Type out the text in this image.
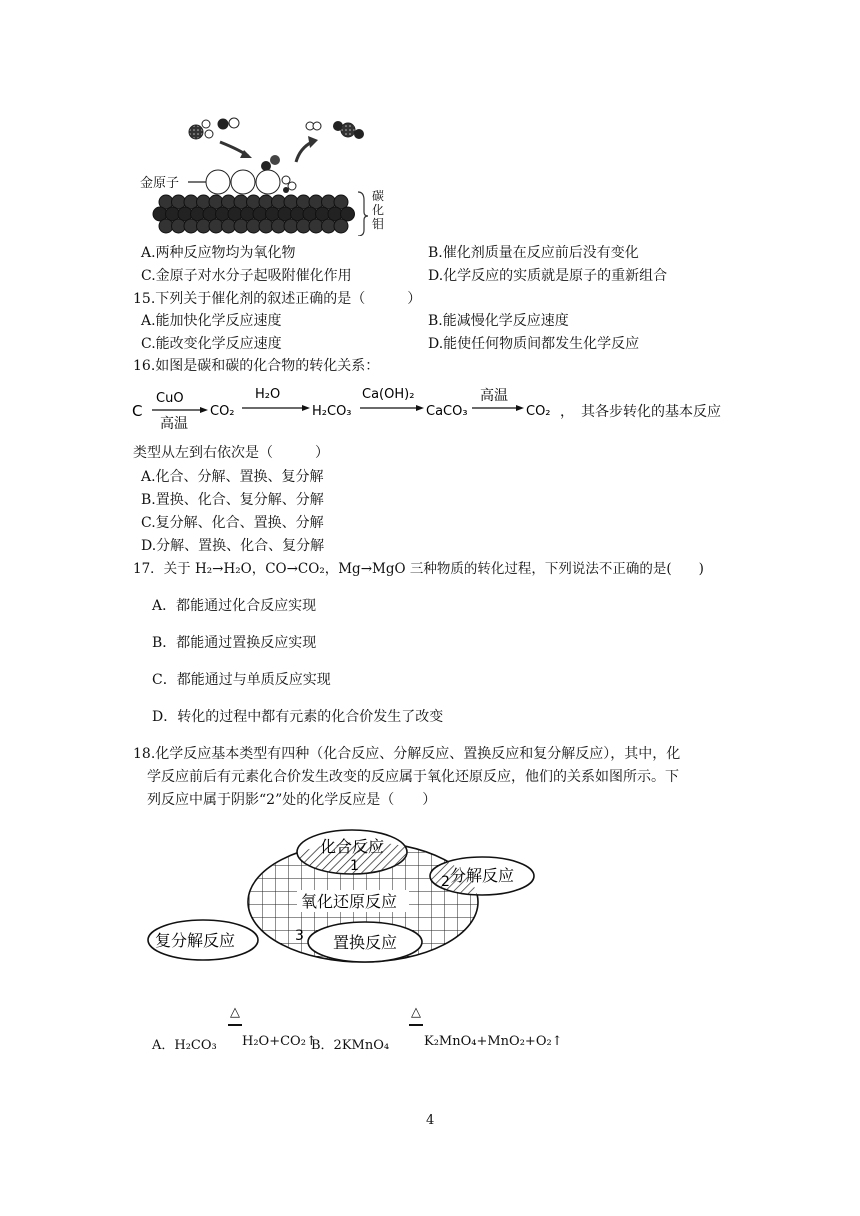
金原子
碳 化 钼
A.两种反应物均为氧化物	B.催化剂质量在反应前后没有变化
C.金原子对水分子起吸附催化作用	D.化学反应的实质就是原子的重新组合
15.下列关于催化剂的叙述正确的是（　　　）
A.能加快化学反应速度	B.能减慢化学反应速度
C.能改变化学反应速度	D.能使任何物质间都发生化学反应
16.如图是碳和碳的化合物的转化关系：
C
CuO
高温
CO₂
H₂O
H₂CO₃
Ca(OH)₂
CaCO₃
高温
CO₂ ，　其各步转化的基本反应
类型从左到右依次是（　　　）
A.化合、分解、置换、复分解
B.置换、化合、复分解、分解
C.复分解、化合、置换、分解
D.分解、置换、化合、复分解
17．关于 H₂→H₂O，CO→CO₂，Mg→MgO 三种物质的转化过程，下列说法不正确的是(　　)
A．都能通过化合反应实现
B．都能通过置换反应实现
C．都能通过与单质反应实现
D．转化的过程中都有元素的化合价发生了改变
18.化学反应基本类型有四种（化合反应、分解反应、置换反应和复分解反应），其中，化
学反应前后有元素化合价发生改变的反应属于氧化还原反应，他们的关系如图所示。下
列反应中属于阴影“2”处的化学反应是（　　）
化合反应
分解反应
氧化还原反应
复分解反应	置换反应
1
2
3
A．H₂CO₃
△
H₂O+CO₂↑
B．2KMnO₄
△
K₂MnO₄+MnO₂+O₂↑
4
